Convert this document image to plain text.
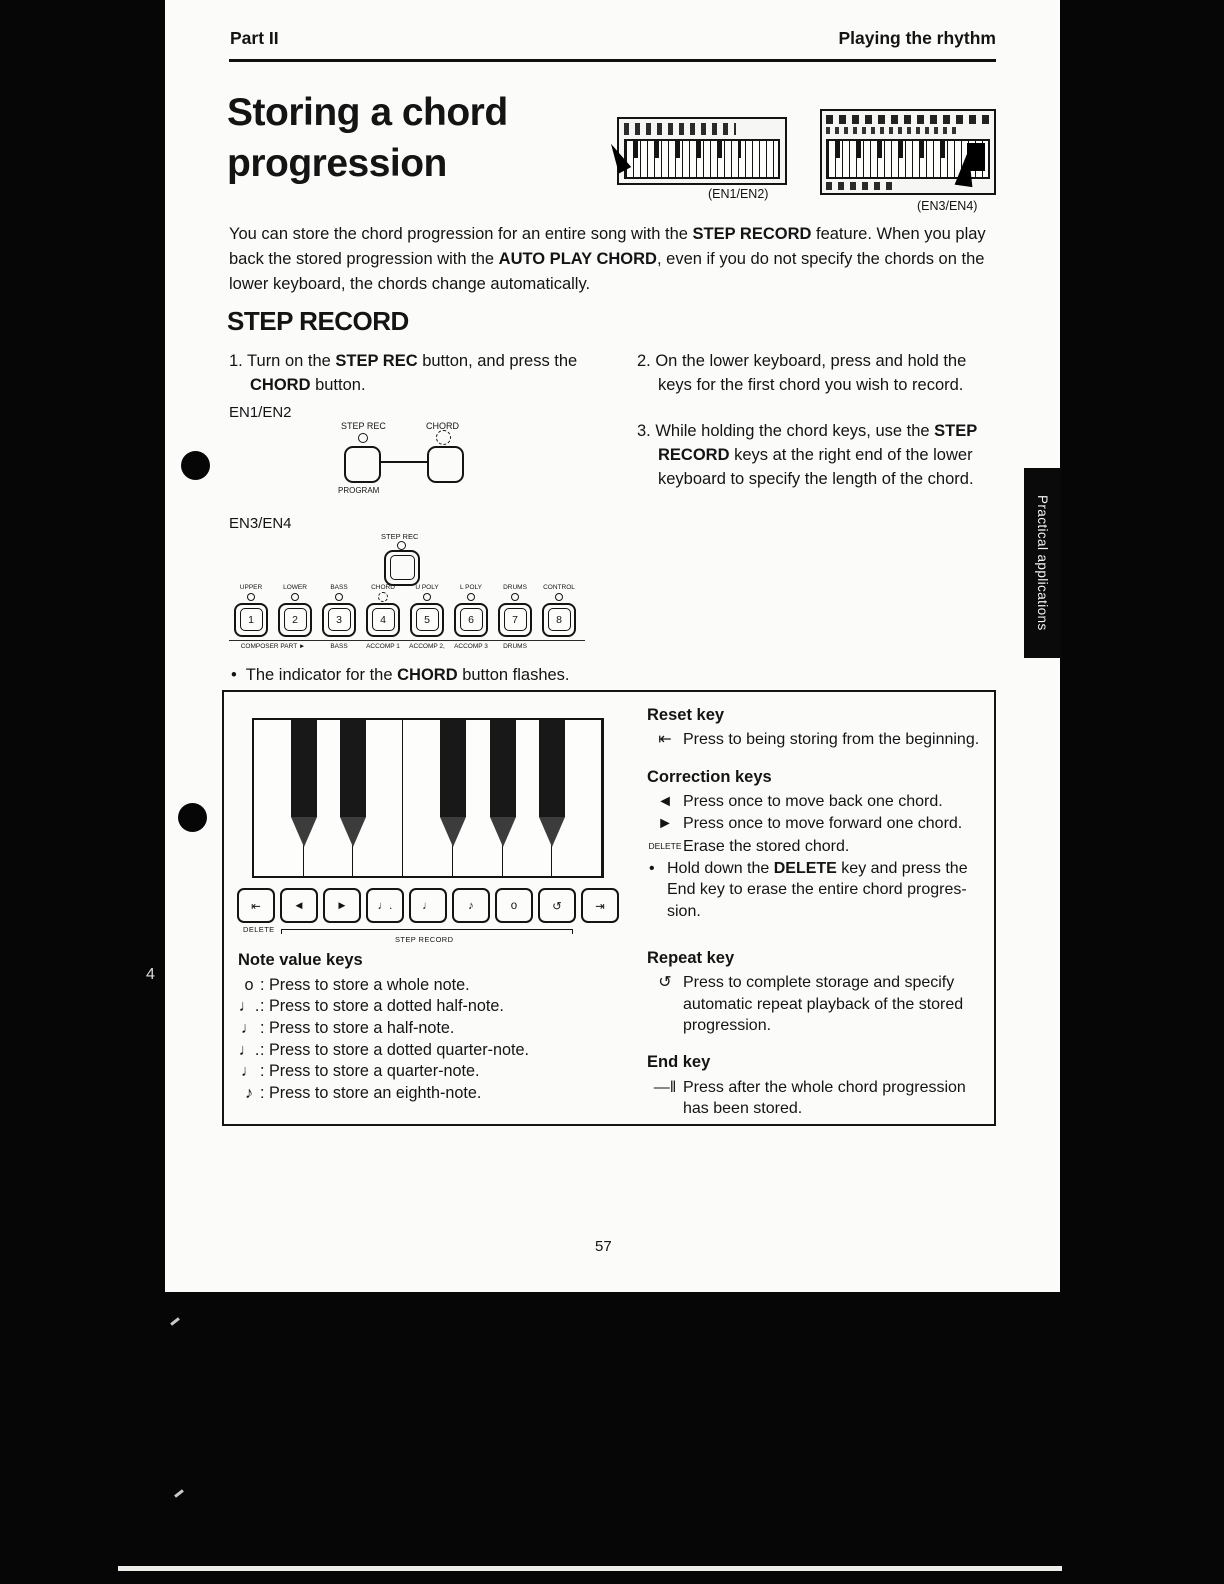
Part II	Playing the rhythm
Storing a chord
progression
(EN1/EN2)
(EN3/EN4)

You can store the chord progression for an entire song with the STEP RECORD feature. When you play back the stored progression with the AUTO PLAY CHORD, even if you do not specify the chords on the lower keyboard, the chords change automatically.

STEP RECORD

1. Turn on the STEP REC button, and press the CHORD button.

EN1/EN2
STEP REC
PROGRAM
CHORD
EN3/EN4
STEP REC
UPPER
1
LOWER
2
BASS
3
CHORD
4
U POLY
5
L POLY
6
DRUMS
7
CONTROL
8
COMPOSER PART ►	BASS	ACCOMP 1	ACCOMP 2,	ACCOMP 3	DRUMS

• The indicator for the CHORD button flashes.

2. On the lower keyboard, press and hold the keys for the first chord you wish to record.

3. While holding the chord keys, use the STEP RECORD keys at the right end of the lower keyboard to specify the length of the chord.

⇤	◄	►	♩.	♩	♪	o	↺	⇥
DELETE
STEP RECORD
Reset key
⇤ Press to being storing from the beginning.
Correction keys
◄ Press once to move back one chord.
► Press once to move forward one chord.
DELETE Erase the stored chord.
• Hold down the DELETE key and press the End key to erase the entire chord progression.
Note value keys
o : Press to store a whole note.
♩. : Press to store a dotted half-note.
♩ : Press to store a half-note.
♩. : Press to store a dotted quarter-note.
♩ : Press to store a quarter-note.
♪ : Press to store an eighth-note.
Repeat key
↺ Press to complete storage and specify automatic repeat playback of the stored progression.
End key
—‖ Press after the whole chord progression has been stored.
57
Practical applications
4
